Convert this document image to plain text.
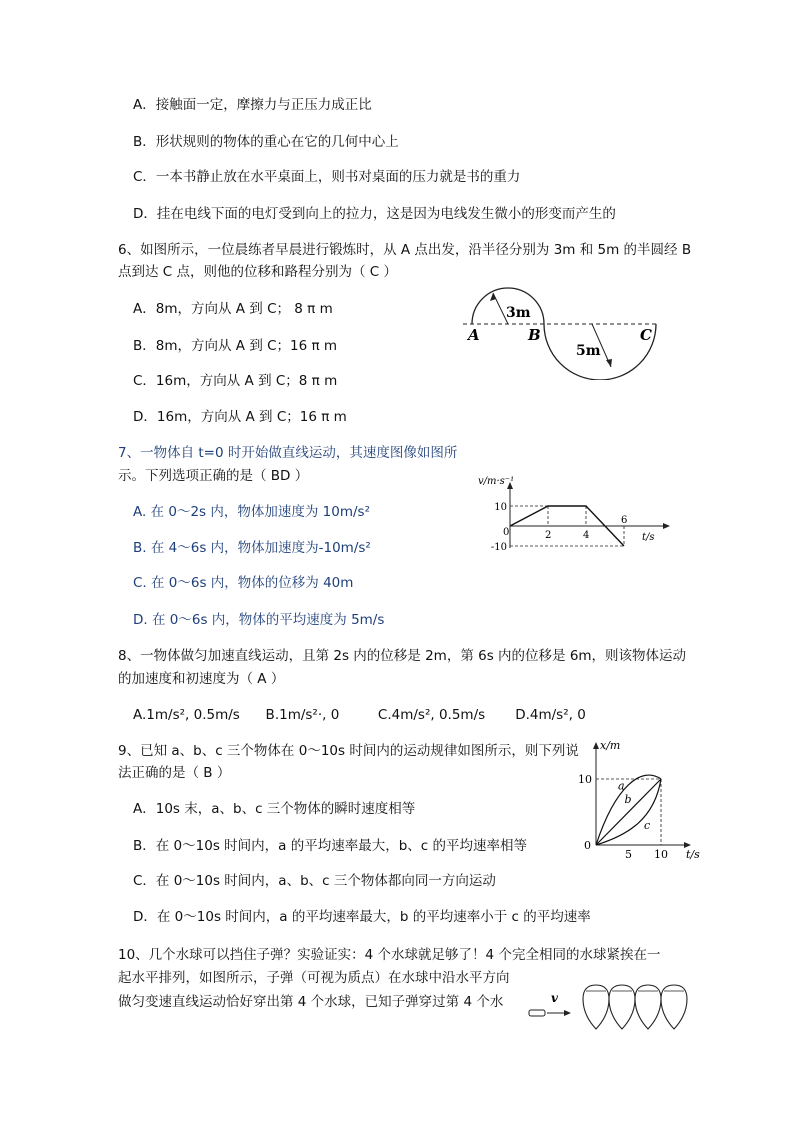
A．接触面一定，摩擦力与正压力成正比
B．形状规则的物体的重心在它的几何中心上
C．一本书静止放在水平桌面上，则书对桌面的压力就是书的重力
D．挂在电线下面的电灯受到向上的拉力，这是因为电线发生微小的形变而产生的
6、如图所示，一位晨练者早晨进行锻炼时，从 A 点出发，沿半径分别为 3m 和 5m 的半圆经 B
点到达 C 点，则他的位移和路程分别为（ C ）
A．8m，方向从 A 到 C； 8 π m
B．8m，方向从 A 到 C；16 π m
C．16m，方向从 A 到 C；8 π m
D．16m，方向从 A 到 C；16 π m
A	B	C
3m
5m
7、一物体自 t=0 时开始做直线运动，其速度图像如图所
示。下列选项正确的是（ BD ）
A. 在 0～2s 内，物体加速度为 10m/s²
B. 在 4～6s 内，物体加速度为-10m/s²
C. 在 0～6s 内，物体的位移为 40m
D. 在 0～6s 内，物体的平均速度为 5m/s
v/m·s⁻¹
t/s
0
10
-10
2	4
6
8、一物体做匀加速直线运动，且第 2s 内的位移是 2m，第 6s 内的位移是 6m，则该物体运动
的加速度和初速度为（ A ）
A.1m/s², 0.5m/s      B.1m/s²·, 0         C.4m/s², 0.5m/s       D.4m/s², 0
9、已知 a、b、c 三个物体在 0～10s 时间内的运动规律如图所示，则下列说
法正确的是（ B ）
A．10s 末，a、b、c 三个物体的瞬时速度相等
B．在 0～10s 时间内，a 的平均速率最大，b、c 的平均速率相等
C．在 0～10s 时间内，a、b、c 三个物体都向同一方向运动
D．在 0～10s 时间内，a 的平均速率最大，b 的平均速率小于 c 的平均速率
x/m
t/s
0
10
5 10
a
b
c
10、几个水球可以挡住子弹？实验证实：4 个水球就足够了！4 个完全相同的水球紧挨在一
起水平排列，如图所示，子弹（可视为质点）在水球中沿水平方向
做匀变速直线运动恰好穿出第 4 个水球，已知子弹穿过第 4 个水	v
